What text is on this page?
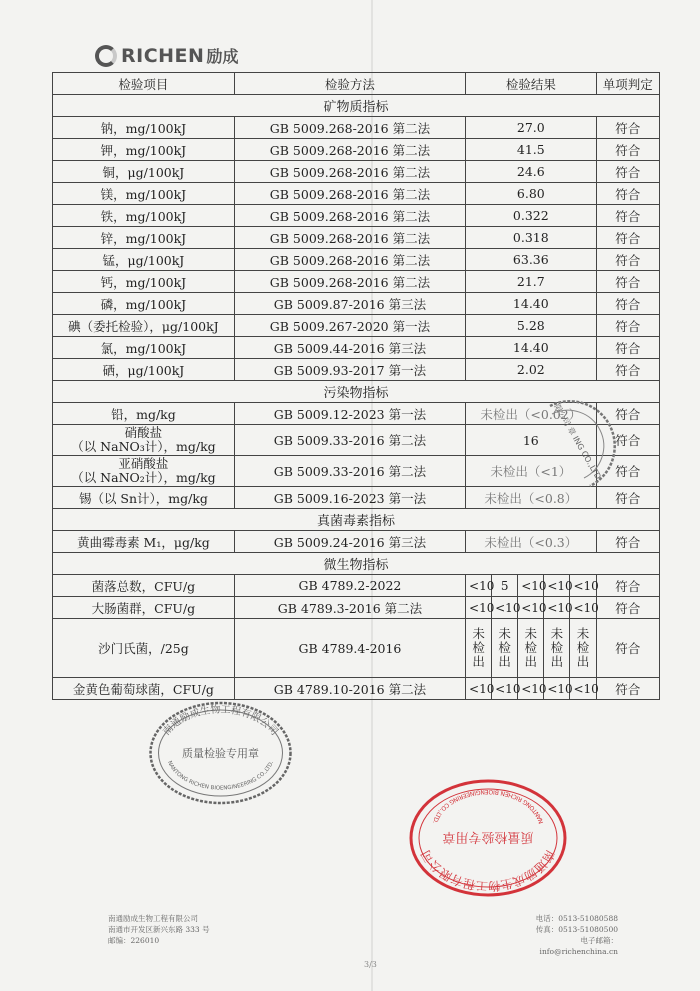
RICHEN 励成
检验项目	检验方法	检验结果					单项判定
矿物质指标							
钠，mg/100kJ	GB 5009.268-2016 第二法	27.0					符合
钾，mg/100kJ	GB 5009.268-2016 第二法	41.5					符合
铜，μg/100kJ	GB 5009.268-2016 第二法	24.6					符合
镁，mg/100kJ	GB 5009.268-2016 第二法	6.80					符合
铁，mg/100kJ	GB 5009.268-2016 第二法	0.322					符合
锌，mg/100kJ	GB 5009.268-2016 第二法	0.318					符合
锰，μg/100kJ	GB 5009.268-2016 第二法	63.36					符合
钙，mg/100kJ	GB 5009.268-2016 第二法	21.7					符合
磷，mg/100kJ	GB 5009.87-2016 第三法	14.40					符合
碘（委托检验），μg/100kJ	GB 5009.267-2020 第一法	5.28					符合
氯，mg/100kJ	GB 5009.44-2016 第三法	14.40					符合
硒，μg/100kJ	GB 5009.93-2017 第一法	2.02					符合
污染物指标							
铅，mg/kg	GB 5009.12-2023 第一法	未检出（<0.02）					符合
硝酸盐
（以 NaNO₃计），mg/kg	GB 5009.33-2016 第二法	16					符合
亚硝酸盐
（以 NaNO₂计），mg/kg	GB 5009.33-2016 第二法	未检出（<1）					符合
锡（以 Sn计），mg/kg	GB 5009.16-2023 第一法	未检出（<0.8）					符合
真菌毒素指标							
黄曲霉毒素 M₁，μg/kg	GB 5009.24-2016 第三法	未检出（<0.3）					符合
微生物指标							
菌落总数，CFU/g	GB 4789.2-2022	<10	5	<10	<10	<10	符合
大肠菌群，CFU/g	GB 4789.3-2016 第二法	<10	<10	<10	<10	<10	符合
沙门氏菌，/25g	GB 4789.4-2016	未
检
出	未
检
出	未
检
出	未
检
出	未
检
出	符合
金黄色葡萄球菌，CFU/g	GB 4789.10-2016 第二法	<10	<10	<10	<10	<10	符合
南通励成生物工程有限公司
质量检验专用章
NANTONG RICHEN BIOENGINEERING CO.,LTD.
南通励成生物工程有限公司
质量检验专用章
NANTONG RICHEN BIOENGINEERING CO.,LTD.
限公司 章 ING CO.,LTD.
南通励成生物工程有限公司
南通市开发区新兴东路 333 号
邮编：226010
电话：0513-51080588
传真：0513-51080500
电子邮箱：info@richenchina.cn
3/3
